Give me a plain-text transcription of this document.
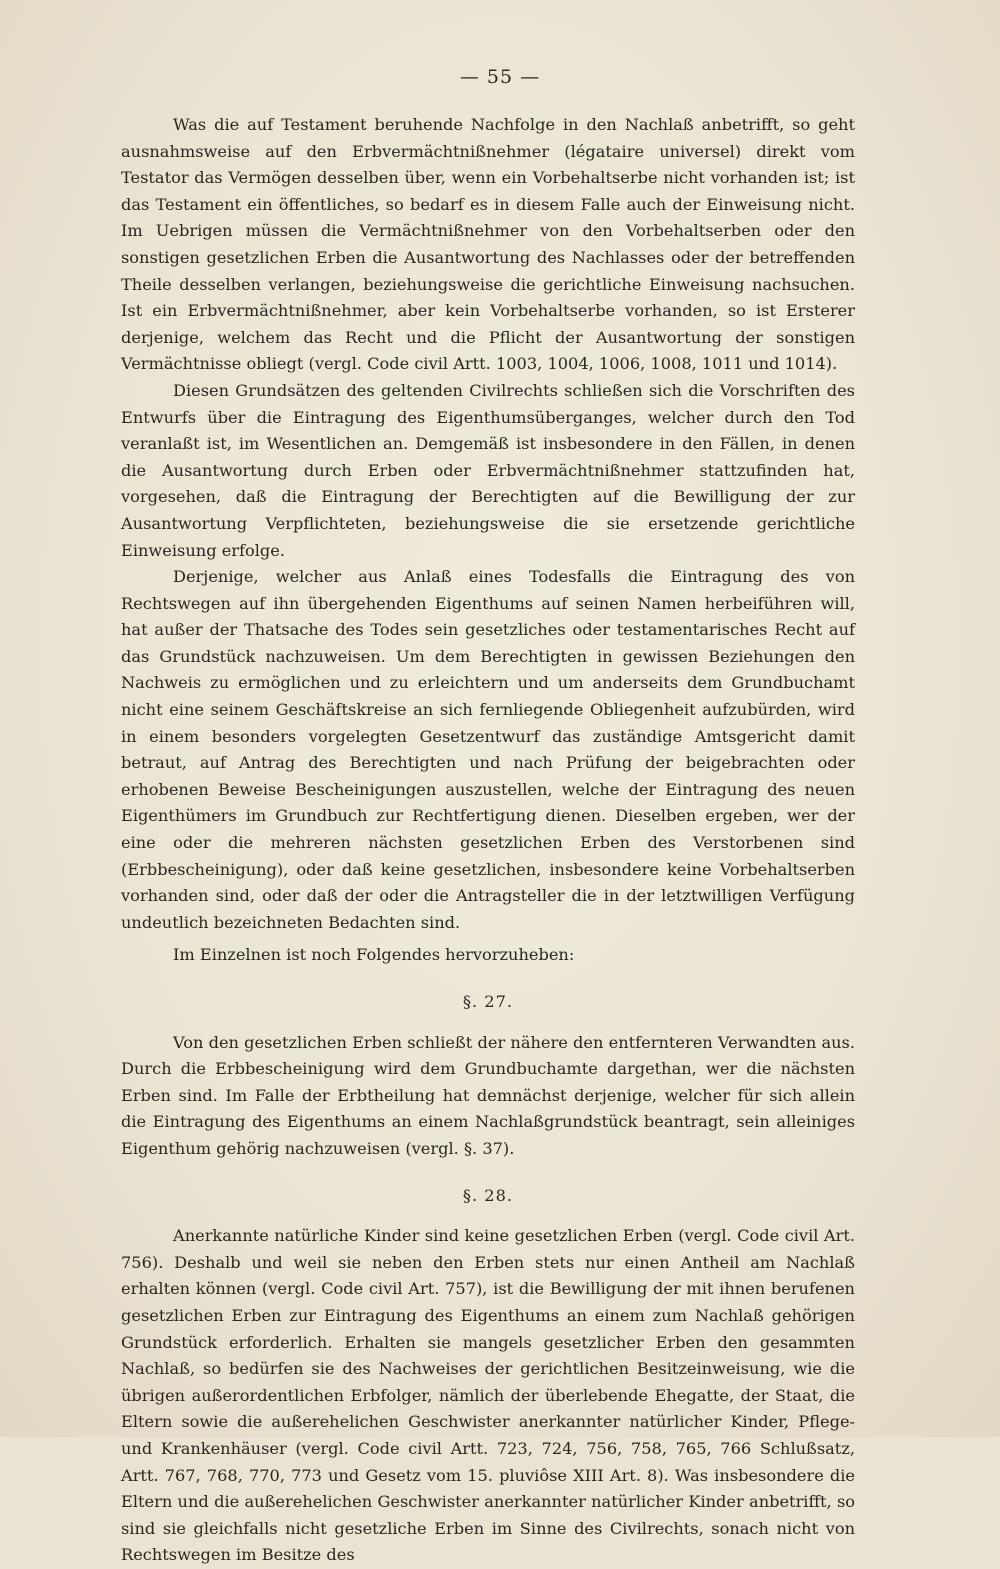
— 55 —

Was die auf Testament beruhende Nachfolge in den Nachlaß anbetrifft, so geht ausnahmsweise auf den Erbvermächtnißnehmer (légataire universel) direkt vom Testator das Vermögen desselben über, wenn ein Vorbehaltserbe nicht vorhanden ist; ist das Testament ein öffentliches, so bedarf es in diesem Falle auch der Einweisung nicht. Im Uebrigen müssen die Vermächtnißnehmer von den Vorbehaltserben oder den sonstigen gesetzlichen Erben die Ausantwortung des Nachlasses oder der betreffenden Theile desselben verlangen, beziehungsweise die gerichtliche Einweisung nachsuchen. Ist ein Erbvermächtnißnehmer, aber kein Vorbehaltserbe vorhanden, so ist Ersterer derjenige, welchem das Recht und die Pflicht der Ausantwortung der sonstigen Vermächtnisse obliegt (vergl. Code civil Artt. 1003, 1004, 1006, 1008, 1011 und 1014).

Diesen Grundsätzen des geltenden Civilrechts schließen sich die Vorschriften des Entwurfs über die Eintragung des Eigenthumsüberganges, welcher durch den Tod veranlaßt ist, im Wesentlichen an. Demgemäß ist insbesondere in den Fällen, in denen die Ausantwortung durch Erben oder Erbvermächtnißnehmer stattzufinden hat, vorgesehen, daß die Eintragung der Berechtigten auf die Bewilligung der zur Ausantwortung Verpflichteten, beziehungsweise die sie ersetzende gerichtliche Einweisung erfolge.

Derjenige, welcher aus Anlaß eines Todesfalls die Eintragung des von Rechtswegen auf ihn übergehenden Eigenthums auf seinen Namen herbeiführen will, hat außer der Thatsache des Todes sein gesetzliches oder testamentarisches Recht auf das Grundstück nachzuweisen. Um dem Berechtigten in gewissen Beziehungen den Nachweis zu ermöglichen und zu erleichtern und um anderseits dem Grundbuchamt nicht eine seinem Geschäftskreise an sich fernliegende Obliegenheit aufzubürden, wird in einem besonders vorgelegten Gesetzentwurf das zuständige Amtsgericht damit betraut, auf Antrag des Berechtigten und nach Prüfung der beigebrachten oder erhobenen Beweise Bescheinigungen auszustellen, welche der Eintragung des neuen Eigenthümers im Grundbuch zur Rechtfertigung dienen. Dieselben ergeben, wer der eine oder die mehreren nächsten gesetzlichen Erben des Verstorbenen sind (Erbbescheinigung), oder daß keine gesetzlichen, insbesondere keine Vorbehaltserben vorhanden sind, oder daß der oder die Antragsteller die in der letztwilligen Verfügung undeutlich bezeichneten Bedachten sind.

Im Einzelnen ist noch Folgendes hervorzuheben:

§. 27.

Von den gesetzlichen Erben schließt der nähere den entfernteren Verwandten aus. Durch die Erbbescheinigung wird dem Grundbuchamte dargethan, wer die nächsten Erben sind. Im Falle der Erbtheilung hat demnächst derjenige, welcher für sich allein die Eintragung des Eigenthums an einem Nachlaßgrundstück beantragt, sein alleiniges Eigenthum gehörig nachzuweisen (vergl. §. 37).

§. 28.

Anerkannte natürliche Kinder sind keine gesetzlichen Erben (vergl. Code civil Art. 756). Deshalb und weil sie neben den Erben stets nur einen Antheil am Nachlaß erhalten können (vergl. Code civil Art. 757), ist die Bewilligung der mit ihnen berufenen gesetzlichen Erben zur Eintragung des Eigenthums an einem zum Nachlaß gehörigen Grundstück erforderlich. Erhalten sie mangels gesetzlicher Erben den gesammten Nachlaß, so bedürfen sie des Nachweises der gerichtlichen Besitzeinweisung, wie die übrigen außerordentlichen Erbfolger, nämlich der überlebende Ehegatte, der Staat, die Eltern sowie die außerehelichen Geschwister anerkannter natürlicher Kinder, Pflege- und Krankenhäuser (vergl. Code civil Artt. 723, 724, 756, 758, 765, 766 Schlußsatz, Artt. 767, 768, 770, 773 und Gesetz vom 15. pluviôse XIII Art. 8). Was insbesondere die Eltern und die außerehelichen Geschwister anerkannter natürlicher Kinder anbetrifft, so sind sie gleichfalls nicht gesetzliche Erben im Sinne des Civilrechts, sonach nicht von Rechtswegen im Besitze des
